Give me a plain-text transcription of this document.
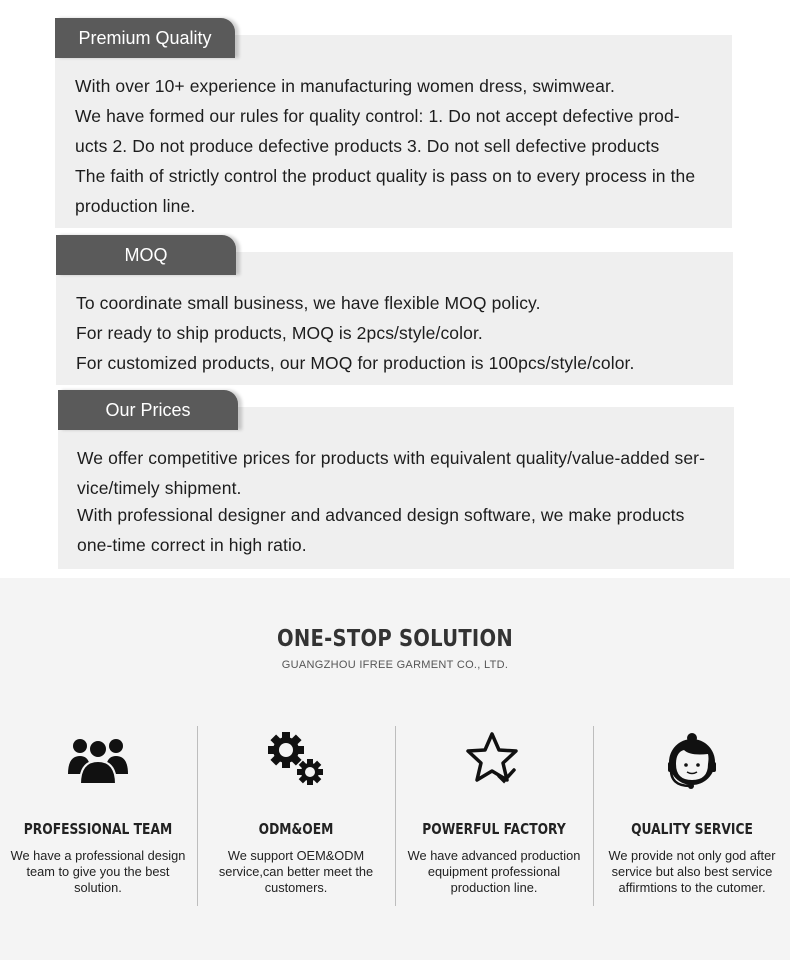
Premium Quality
With over 10+ experience in manufacturing women dress, swimwear.
We have formed our rules for quality control: 1. Do not accept defective prod-
ucts 2. Do not produce defective products 3. Do not sell defective products
The faith of strictly control the product quality is pass on to every process in the
production line.
MOQ
To coordinate small business, we have flexible MOQ policy.
For ready to ship products, MOQ is 2pcs/style/color.
For customized products, our MOQ for production is 100pcs/style/color.
Our Prices
We offer competitive prices for products with equivalent quality/value-added ser-
vice/timely shipment.
With professional designer and advanced design software, we make products
one-time correct in high ratio.
ONE-STOP SOLUTION
GUANGZHOU IFREE GARMENT CO., LTD.
PROFESSIONAL TEAM
We have a professional design team to give you the best solution.
ODM&OEM
We support OEM&ODM service,can better meet the customers.
POWERFUL FACTORY
We have advanced production equipment professional production line.
QUALITY SERVICE
We provide not only god after service but also best service affirmtions to the cutomer.
